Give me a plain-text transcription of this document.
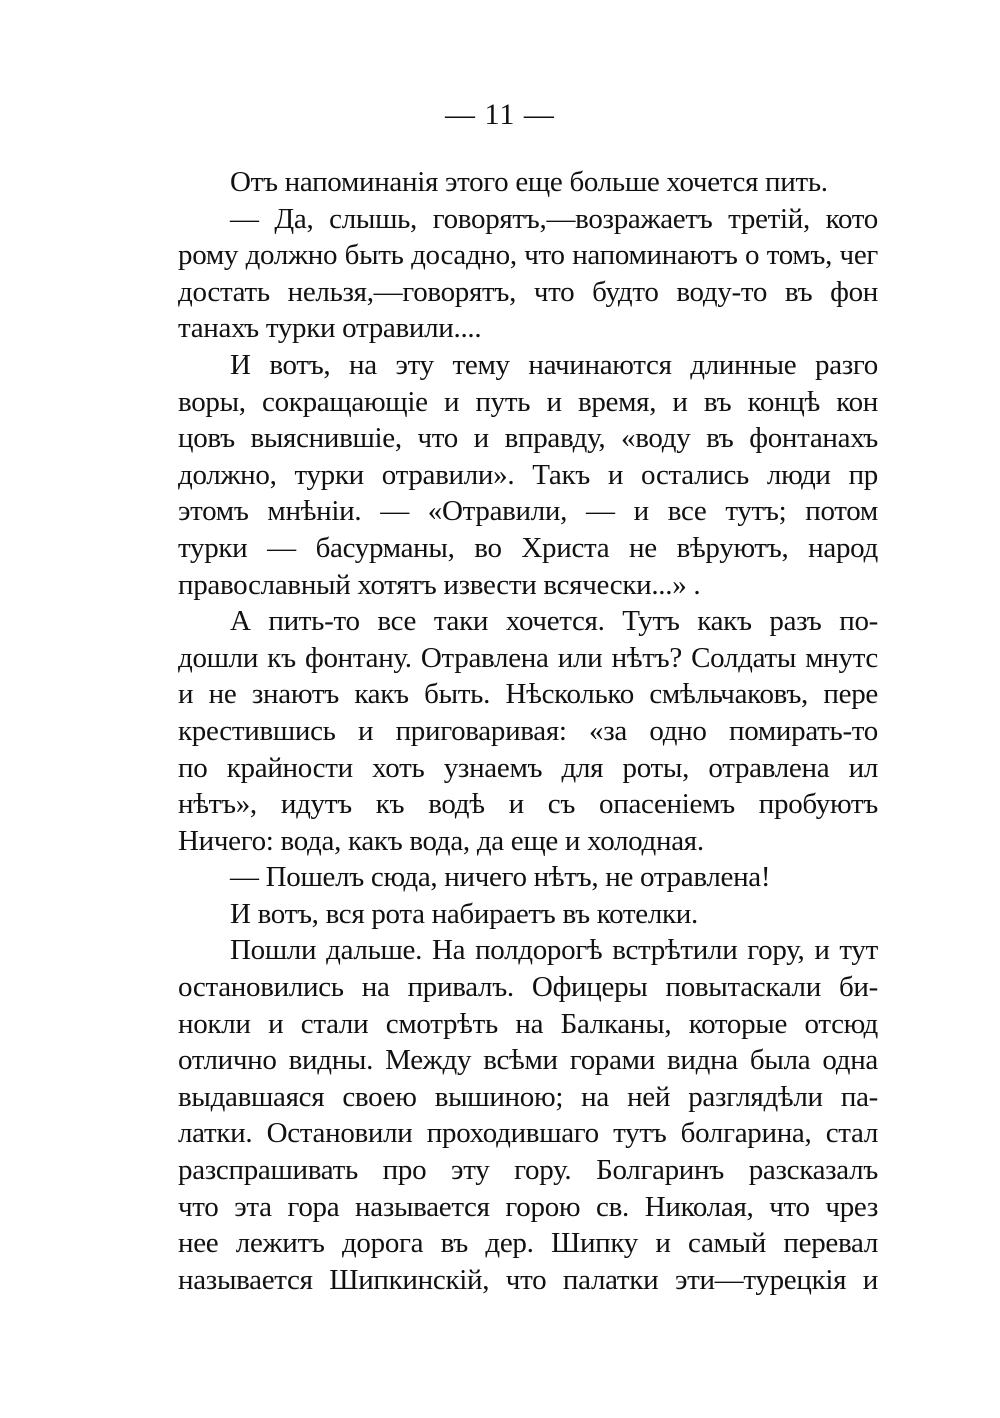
— 11 —
Отъ напоминанія этого еще больше хочется пить.
— Да, слышь, говорятъ,—возражаетъ третій, кото
рому должно быть досадно, что напоминаютъ о томъ, чег
достать нельзя,—говорятъ, что будто воду-то въ фон
танахъ турки отравили....
И вотъ, на эту тему начинаются длинные разго
воры, сокращающіе и путь и время, и въ концѣ кон
цовъ выяснившіе, что и вправду, «воду въ фонтанахъ
должно, турки отравили». Такъ и остались люди пр
этомъ мнѣніи. — «Отравили, — и все тутъ; потом
турки — басурманы, во Христа не вѣруютъ, народ
православный хотятъ извести всячески...» .
А пить-то все таки хочется. Тутъ какъ разъ по-
дошли къ фонтану. Отравлена или нѣтъ? Солдаты мнутс
и не знаютъ какъ быть. Нѣсколько смѣльчаковъ, пере
крестившись и приговаривая: «за одно помирать-то
по крайности хоть узнаемъ для роты, отравлена ил
нѣтъ», идутъ къ водѣ и съ опасеніемъ пробуютъ
Ничего: вода, какъ вода, да еще и холодная.
— Пошелъ сюда, ничего нѣтъ, не отравлена!
И вотъ, вся рота набираетъ въ котелки.
Пошли дальше. На полдорогѣ встрѣтили гору, и тут
остановились на привалъ. Офицеры повытаскали би-
нокли и стали смотрѣть на Балканы, которые отсюд
отлично видны. Между всѣми горами видна была одна
выдавшаяся своею вышиною; на ней разглядѣли па-
латки. Остановили проходившаго тутъ болгарина, стал
разспрашивать про эту гору. Болгаринъ разсказалъ
что эта гора называется горою св. Николая, что чрез
нее лежитъ дорога въ дер. Шипку и самый перевал
называется Шипкинскій, что палатки эти—турецкія и
